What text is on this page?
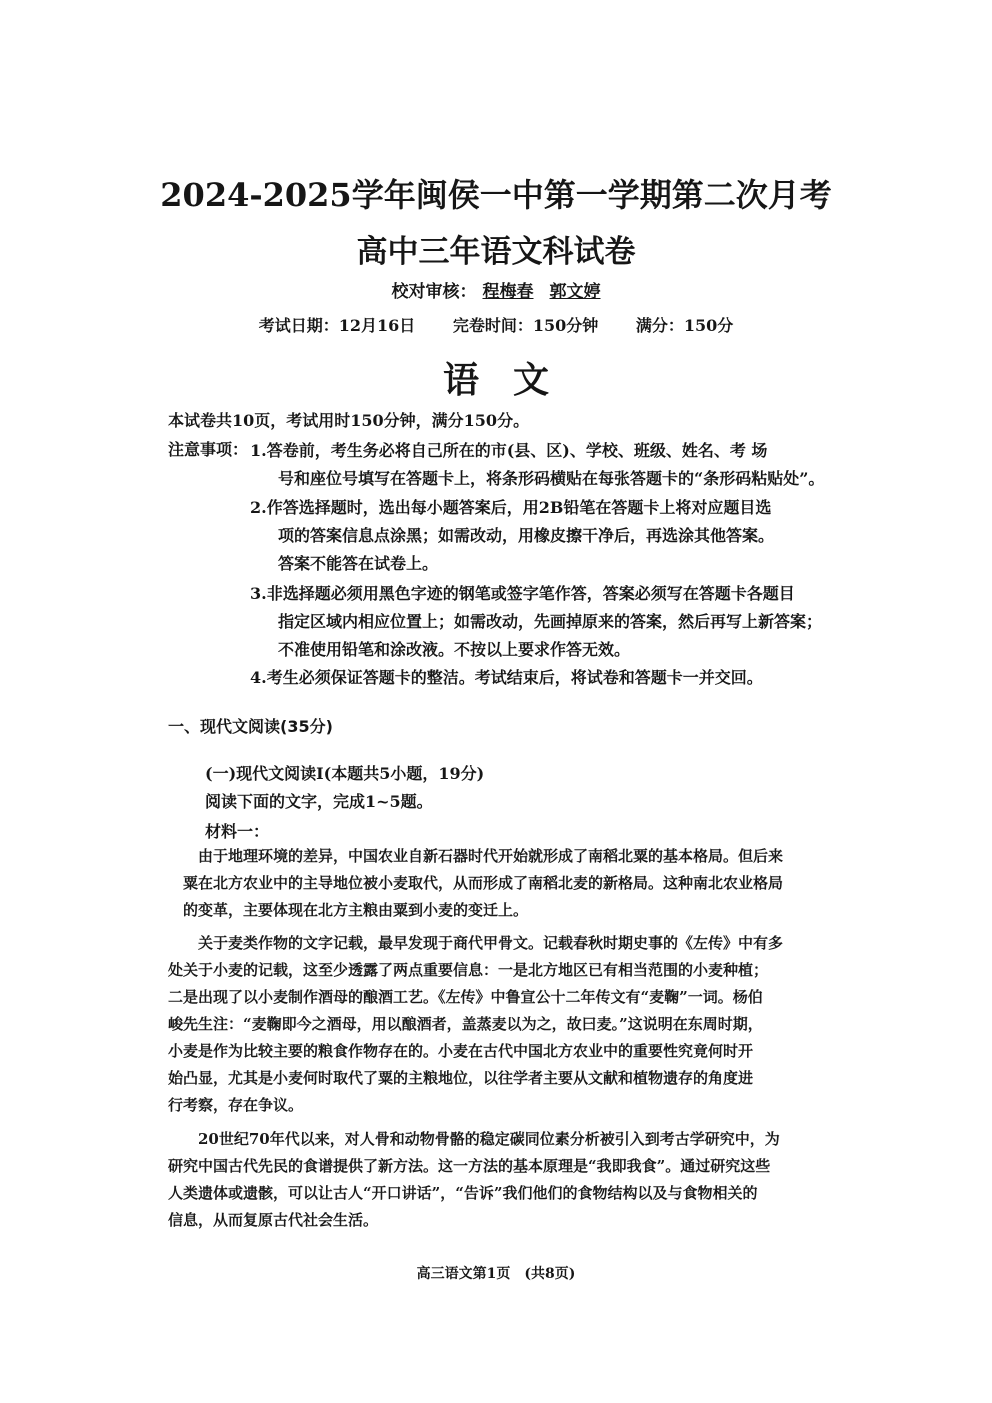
2024-2025学年闽侯一中第一学期第二次月考
高中三年语文科试卷
校对审核： 程梅春 郭文婷
考试日期：12月16日 完卷时间：150分钟 满分：150分
语文
本试卷共10页，考试用时150分钟，满分150分。
注意事项： 1.答卷前，考生务必将自己所在的市(县、区)、学校、班级、姓名、考 场
号和座位号填写在答题卡上，将条形码横贴在每张答题卡的“条形码粘贴处”。
2.作答选择题时，选出每小题答案后，用2B铅笔在答题卡上将对应题目选
项的答案信息点涂黑；如需改动，用橡皮擦干净后，再选涂其他答案。
答案不能答在试卷上。
3.非选择题必须用黑色字迹的钢笔或签字笔作答，答案必须写在答题卡各题目
指定区域内相应位置上；如需改动，先画掉原来的答案，然后再写上新答案；
不准使用铅笔和涂改液。不按以上要求作答无效。
4.考生必须保证答题卡的整洁。考试结束后，将试卷和答题卡一并交回。
一、现代文阅读(35分)
(一)现代文阅读Ⅰ(本题共5小题，19分)
阅读下面的文字，完成1~5题。
材料一：
　　由于地理环境的差异，中国农业自新石器时代开始就形成了南稻北粟的基本格局。但后来
　粟在北方农业中的主导地位被小麦取代，从而形成了南稻北麦的新格局。这种南北农业格局
　的变革，主要体现在北方主粮由粟到小麦的变迁上。
　　关于麦类作物的文字记载，最早发现于商代甲骨文。记载春秋时期史事的《左传》中有多
处关于小麦的记载，这至少透露了两点重要信息：一是北方地区已有相当范围的小麦种植；
二是出现了以小麦制作酒母的酿酒工艺。《左传》中鲁宣公十二年传文有“麦鞠”一词。杨伯
峻先生注：“麦鞠即今之酒母，用以酿酒者，盖蒸麦以为之，故曰麦。”这说明在东周时期，
小麦是作为比较主要的粮食作物存在的。小麦在古代中国北方农业中的重要性究竟何时开
始凸显，尤其是小麦何时取代了粟的主粮地位，以往学者主要从文献和植物遗存的角度进
行考察，存在争议。
　　20世纪70年代以来，对人骨和动物骨骼的稳定碳同位素分析被引入到考古学研究中，为
研究中国古代先民的食谱提供了新方法。这一方法的基本原理是“我即我食”。通过研究这些
人类遗体或遗骸，可以让古人“开口讲话”，“告诉”我们他们的食物结构以及与食物相关的
信息，从而复原古代社会生活。
高三语文第1页　(共8页)
